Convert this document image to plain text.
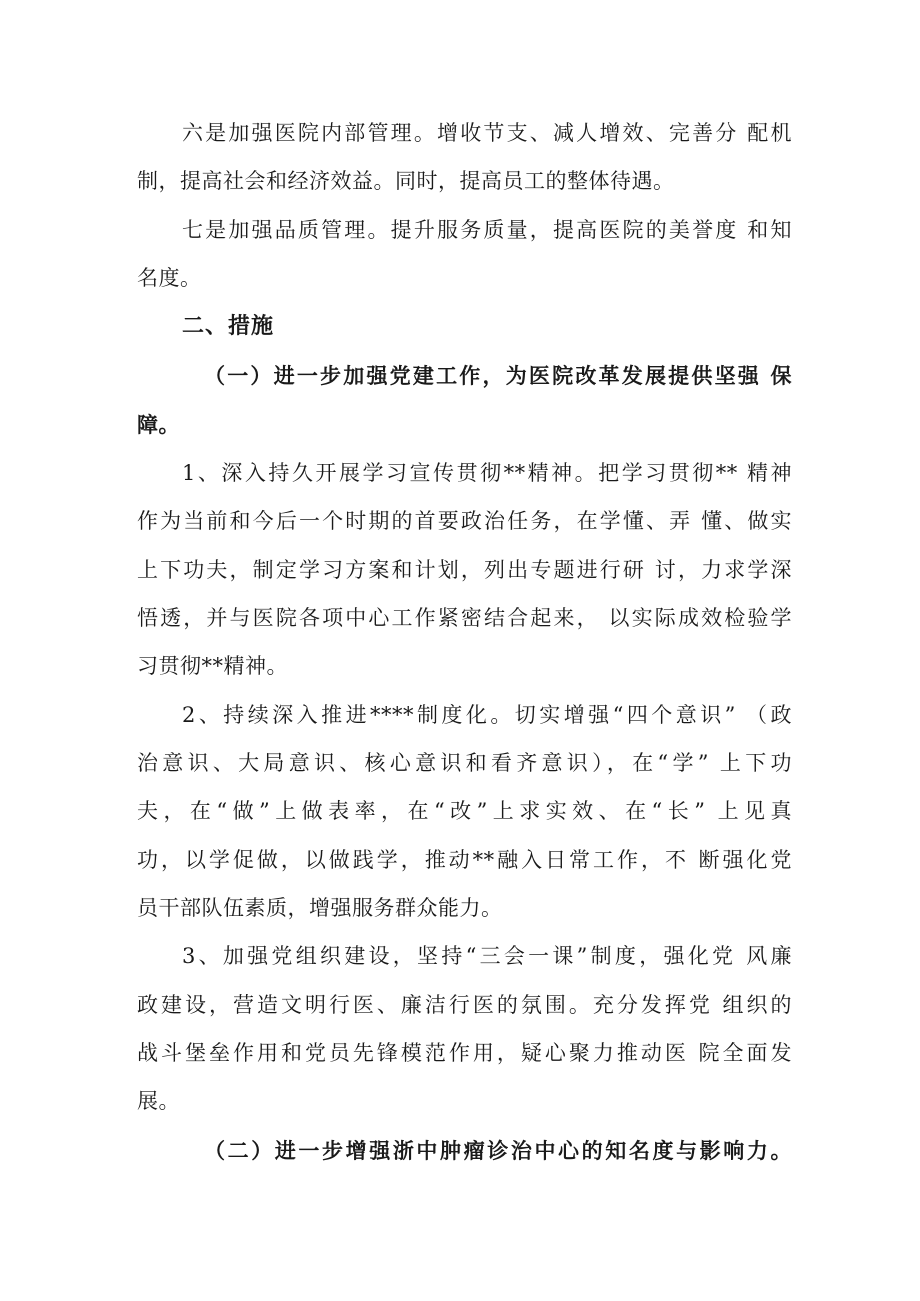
六是加强医院内部管理。增收节支、减人增效、完善分 配机
制，提高社会和经济效益。同时，提高员工的整体待遇。
七是加强品质管理。提升服务质量，提高医院的美誉度 和知
名度。
二、措施
（一）进一步加强党建工作，为医院改革发展提供坚强 保
障。
1、深入持久开展学习宣传贯彻**精神。把学习贯彻** 精神
作为当前和今后一个时期的首要政治任务，在学懂、弄 懂、做实
上下功夫，制定学习方案和计划，列出专题进行研 讨，力求学深
悟透，并与医院各项中心工作紧密结合起来， 以实际成效检验学
习贯彻**精神。
2、持续深入推进****制度化。切实增强“四个意识” （政
治意识、大局意识、核心意识和看齐意识），在“学” 上下功
夫，在“做”上做表率，在“改”上求实效、在“长” 上见真
功，以学促做，以做践学，推动**融入日常工作，不 断强化党
员干部队伍素质，增强服务群众能力。
3、加强党组织建设，坚持“三会一课”制度，强化党 风廉
政建设，营造文明行医、廉洁行医的氛围。充分发挥党 组织的
战斗堡垒作用和党员先锋模范作用，疑心聚力推动医 院全面发
展。
（二）进一步增强浙中肿瘤诊治中心的知名度与影响力。
